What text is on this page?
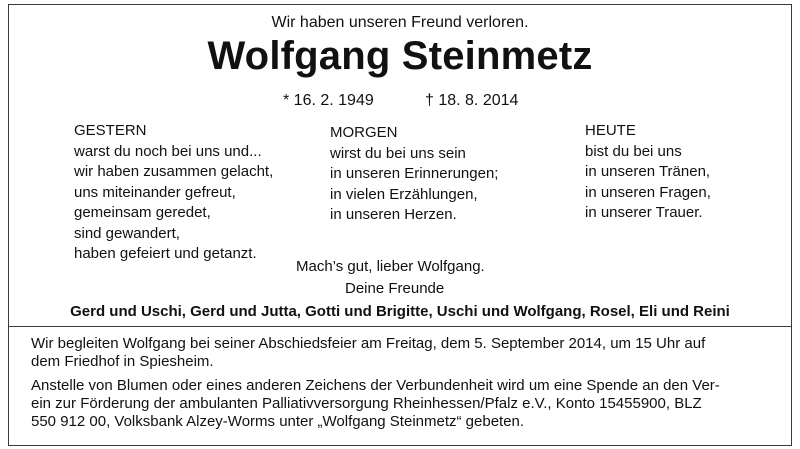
Wir haben unseren Freund verloren.
Wolfgang Steinmetz
* 16. 2. 1949	† 18. 8. 2014
GESTERN
warst du noch bei uns und...
wir haben zusammen gelacht,
uns miteinander gefreut,
gemeinsam geredet,
sind gewandert,
haben gefeiert und getanzt.
MORGEN
wirst du bei uns sein
in unseren Erinnerungen;
in vielen Erzählungen,
in unseren Herzen.
HEUTE
bist du bei uns
in unseren Tränen,
in unseren Fragen,
in unserer Trauer.
Mach’s gut, lieber Wolfgang.
Deine Freunde
Gerd und Uschi, Gerd und Jutta, Gotti und Brigitte, Uschi und Wolfgang, Rosel, Eli und Reini
Wir begleiten Wolfgang bei seiner Abschiedsfeier am Freitag, dem 5. September 2014, um 15 Uhr auf
dem Friedhof in Spiesheim.
Anstelle von Blumen oder eines anderen Zeichens der Verbundenheit wird um eine Spende an den Ver-
ein zur Förderung der ambulanten Palliativversorgung Rheinhessen/Pfalz e.V., Konto 15455900, BLZ
550 912 00, Volksbank Alzey-Worms unter „Wolfgang Steinmetz“ gebeten.
